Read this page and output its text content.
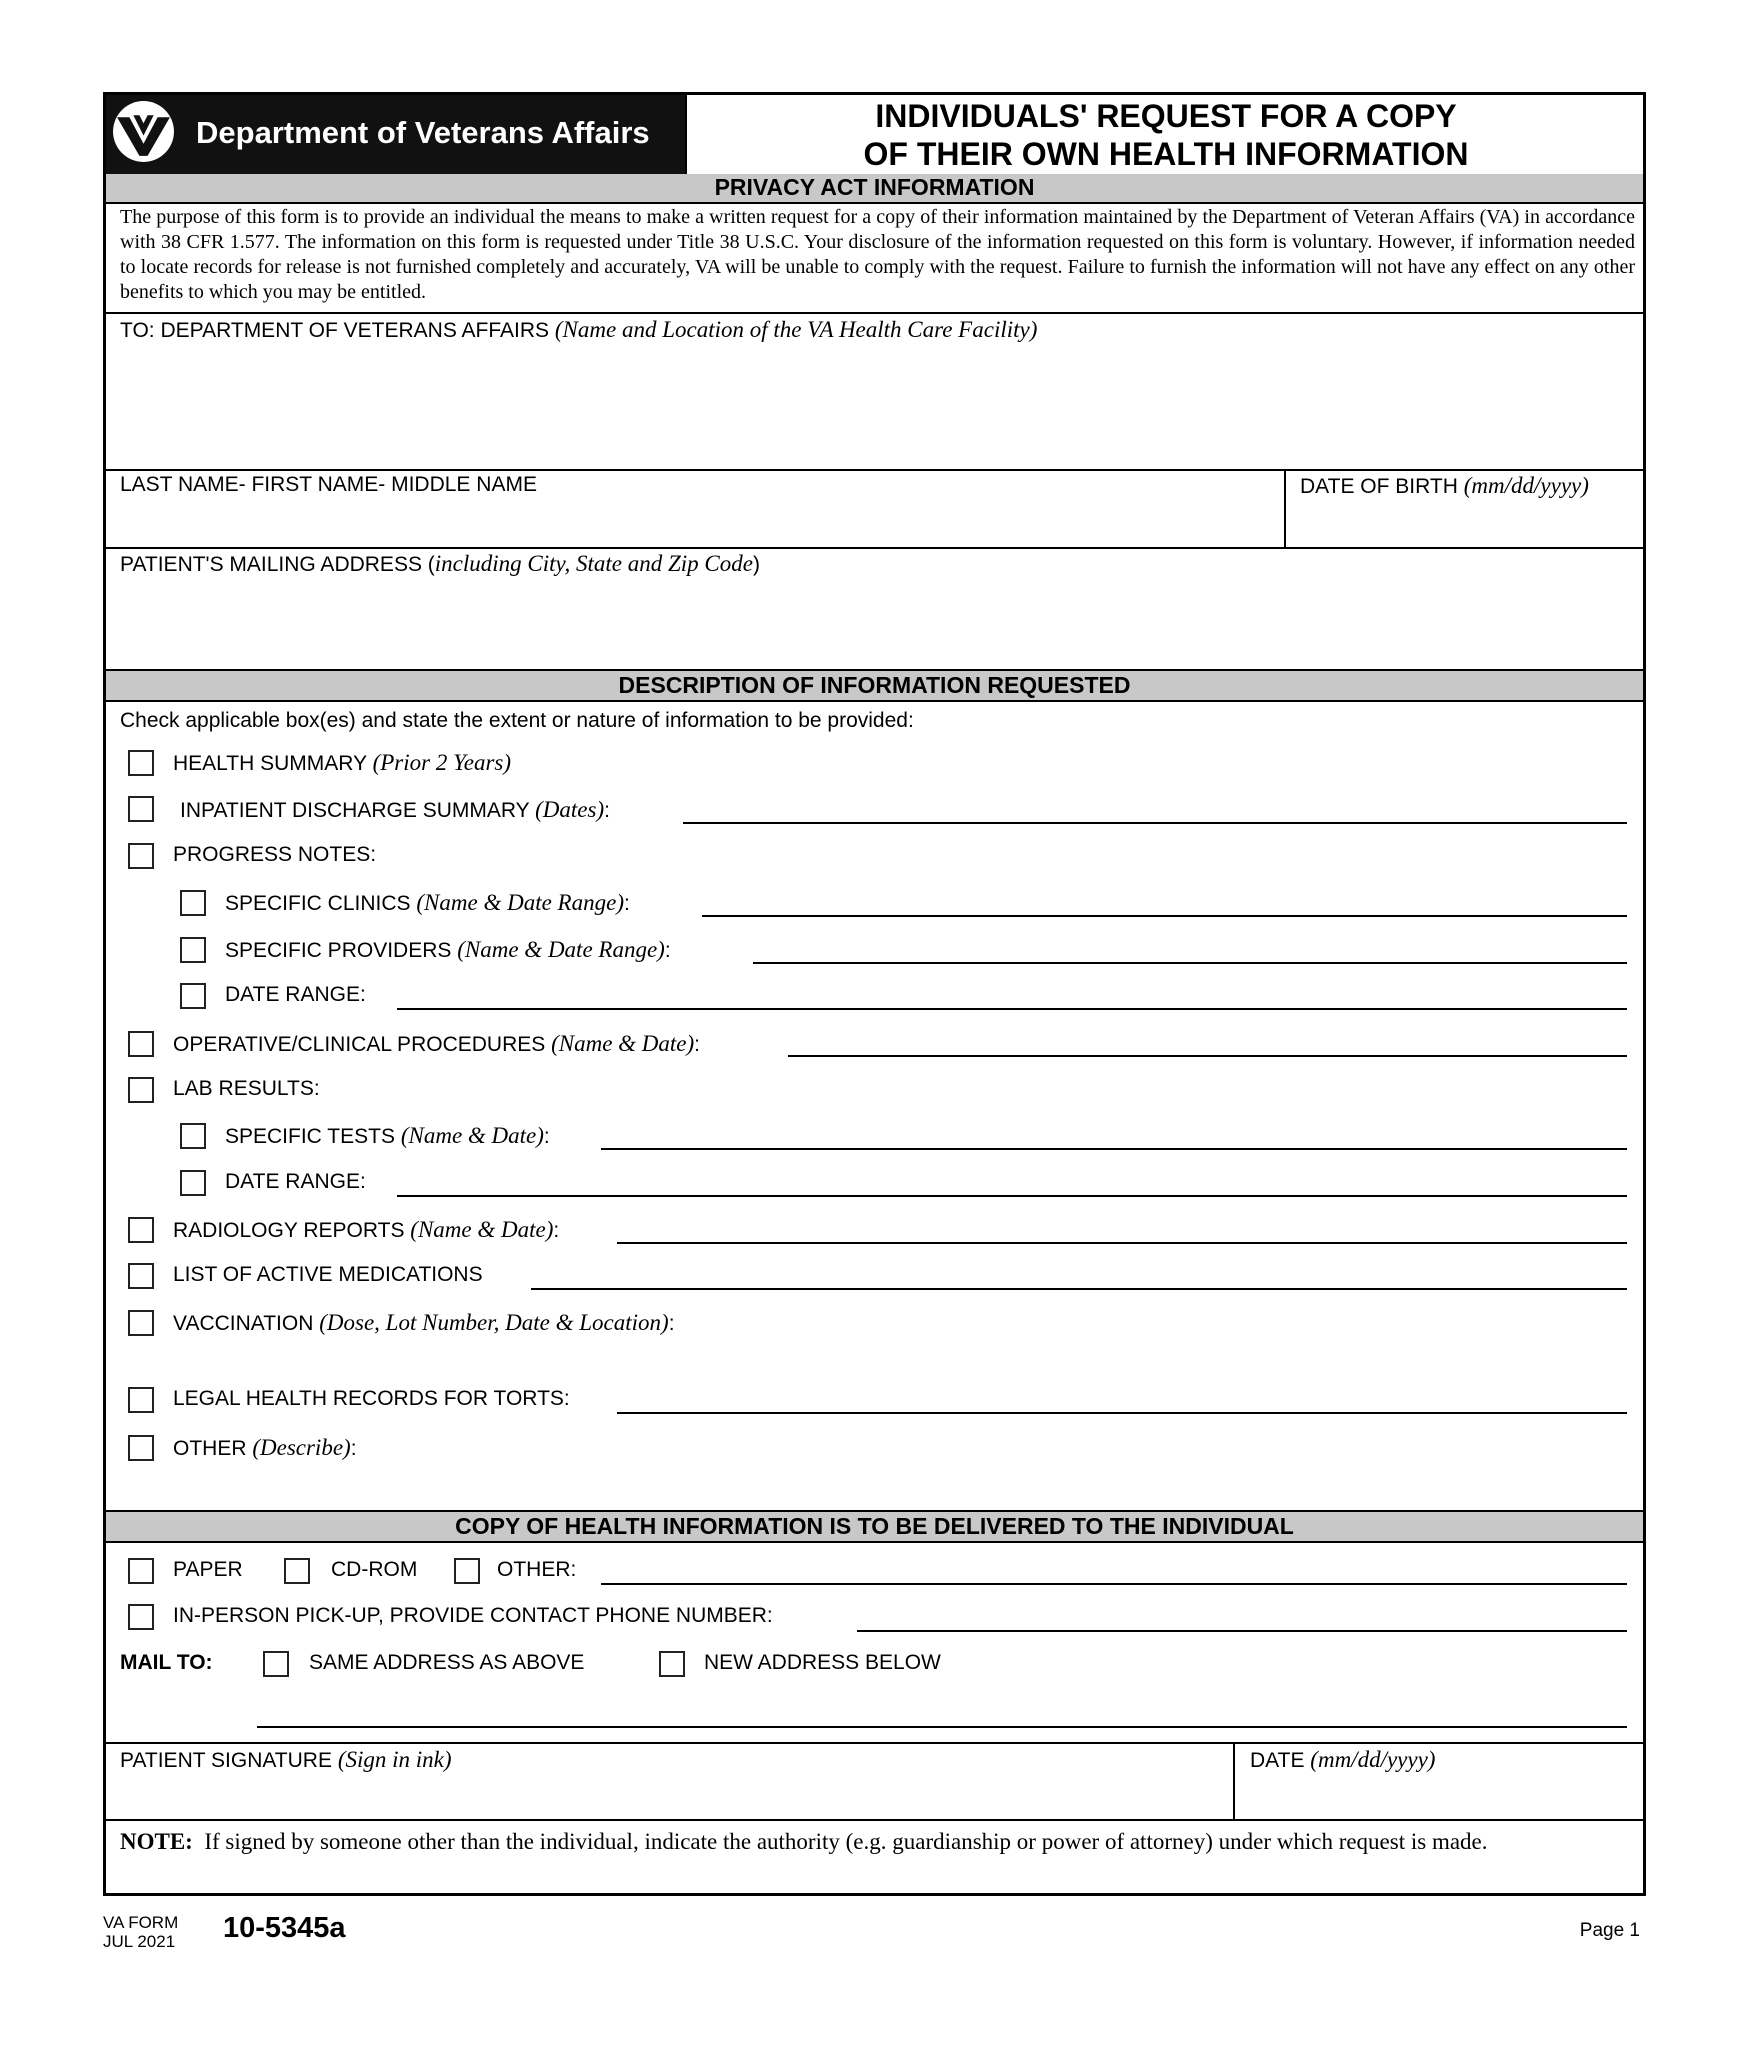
Department of Veterans Affairs	INDIVIDUALS' REQUEST FOR A COPY
OF THEIR OWN HEALTH INFORMATION
PRIVACY ACT INFORMATION
The purpose of this form is to provide an individual the means to make a written request for a copy of their information maintained by the Department of Veteran Affairs (VA) in accordance with 38 CFR 1.577. The information on this form is requested under Title 38 U.S.C. Your disclosure of the information requested on this form is voluntary. However, if information needed to locate records for release is not furnished completely and accurately, VA will be unable to comply with the request. Failure to furnish the information will not have any effect on any other benefits to which you may be entitled.
TO: DEPARTMENT OF VETERANS AFFAIRS (Name and Location of the VA Health Care Facility)
LAST NAME- FIRST NAME- MIDDLE NAME	DATE OF BIRTH (mm/dd/yyyy)
PATIENT'S MAILING ADDRESS (including City, State and Zip Code)
DESCRIPTION OF INFORMATION REQUESTED
Check applicable box(es) and state the extent or nature of information to be provided:
HEALTH SUMMARY (Prior 2 Years)
INPATIENT DISCHARGE SUMMARY (Dates):
PROGRESS NOTES:
SPECIFIC CLINICS (Name & Date Range):
SPECIFIC PROVIDERS (Name & Date Range):
DATE RANGE:
OPERATIVE/CLINICAL PROCEDURES (Name & Date):
LAB RESULTS:
SPECIFIC TESTS (Name & Date):
DATE RANGE:
RADIOLOGY REPORTS (Name & Date):
LIST OF ACTIVE MEDICATIONS
VACCINATION (Dose, Lot Number, Date & Location):
LEGAL HEALTH RECORDS FOR TORTS:
OTHER (Describe):
COPY OF HEALTH INFORMATION IS TO BE DELIVERED TO THE INDIVIDUAL
PAPER	CD-ROM	OTHER:
IN-PERSON PICK-UP, PROVIDE CONTACT PHONE NUMBER:
MAIL TO:	SAME ADDRESS AS ABOVE	NEW ADDRESS BELOW
PATIENT SIGNATURE (Sign in ink)	DATE (mm/dd/yyyy)
NOTE: If signed by someone other than the individual, indicate the authority (e.g. guardianship or power of attorney) under which request is made.
VA FORM
JUL 2021 10-5345a	Page 1
